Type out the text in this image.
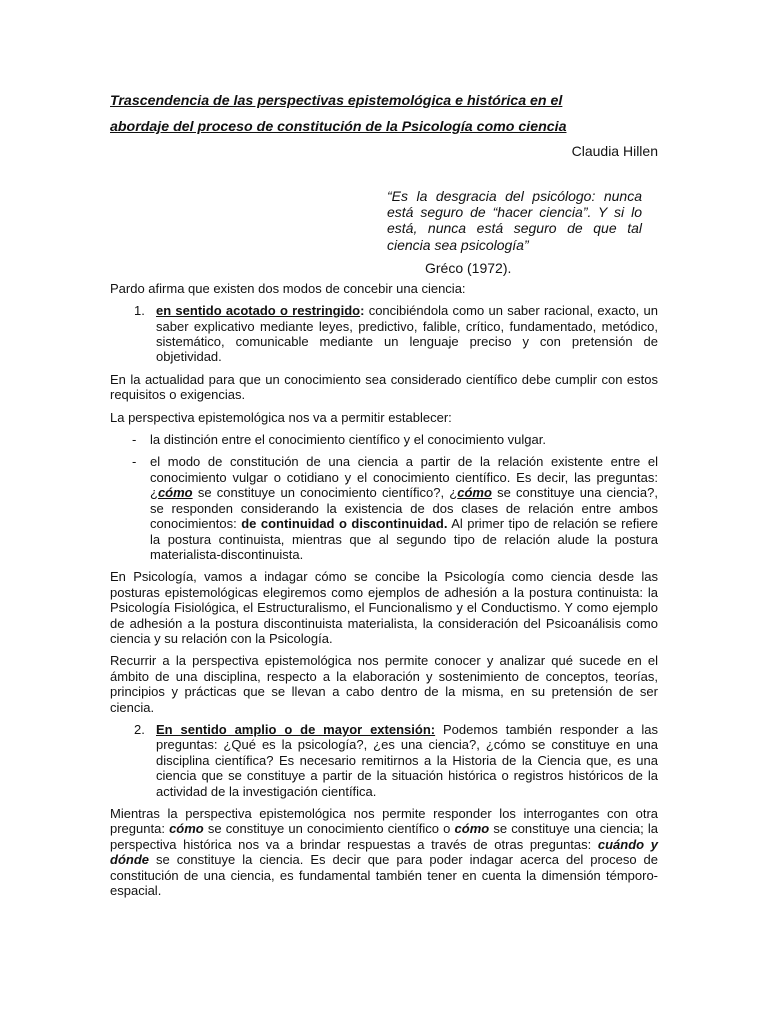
Trascendencia de las perspectivas epistemológica e histórica en el

abordaje del proceso de constitución de la Psicología como ciencia

Claudia Hillen
“Es la desgracia del psicólogo: nunca está seguro de “hacer ciencia”. Y si lo está, nunca está seguro de que tal ciencia sea psicología”
Gréco (1972).

Pardo afirma que existen dos modos de concebir una ciencia:

1. en sentido acotado o restringido: concibiéndola como un saber racional, exacto, un saber explicativo mediante leyes, predictivo, falible, crítico, fundamentado, metódico, sistemático, comunicable mediante un lenguaje preciso y con pretensión de objetividad.

En la actualidad para que un conocimiento sea considerado científico debe cumplir con estos requisitos o exigencias.

La perspectiva epistemológica nos va a permitir establecer:

- la distinción entre el conocimiento científico y el conocimiento vulgar.

- el modo de constitución de una ciencia a partir de la relación existente entre el conocimiento vulgar o cotidiano y el conocimiento científico. Es decir, las preguntas: ¿cómo se constituye un conocimiento científico?, ¿cómo se constituye una ciencia?, se responden considerando la existencia de dos clases de relación entre ambos conocimientos: de continuidad o discontinuidad. Al primer tipo de relación se refiere la postura continuista, mientras que al segundo tipo de relación alude la postura materialista-discontinuista.

En Psicología, vamos a indagar cómo se concibe la Psicología como ciencia desde las posturas epistemológicas elegiremos como ejemplos de adhesión a la postura continuista: la Psicología Fisiológica, el Estructuralismo, el Funcionalismo y el Conductismo. Y como ejemplo de adhesión a la postura discontinuista materialista, la consideración del Psicoanálisis como ciencia y su relación con la Psicología.

Recurrir a la perspectiva epistemológica nos permite conocer y analizar qué sucede en el ámbito de una disciplina, respecto a la elaboración y sostenimiento de conceptos, teorías, principios y prácticas que se llevan a cabo dentro de la misma, en su pretensión de ser ciencia.

2. En sentido amplio o de mayor extensión: Podemos también responder a las preguntas: ¿Qué es la psicología?, ¿es una ciencia?, ¿cómo se constituye en una disciplina científica? Es necesario remitirnos a la Historia de la Ciencia que, es una ciencia que se constituye a partir de la situación histórica o registros históricos de la actividad de la investigación científica.

Mientras la perspectiva epistemológica nos permite responder los interrogantes con otra pregunta: cómo se constituye un conocimiento científico o cómo se constituye una ciencia; la perspectiva histórica nos va a brindar respuestas a través de otras preguntas: cuándo y dónde se constituye la ciencia. Es decir que para poder indagar acerca del proceso de constitución de una ciencia, es fundamental también tener en cuenta la dimensión témporo-espacial.
